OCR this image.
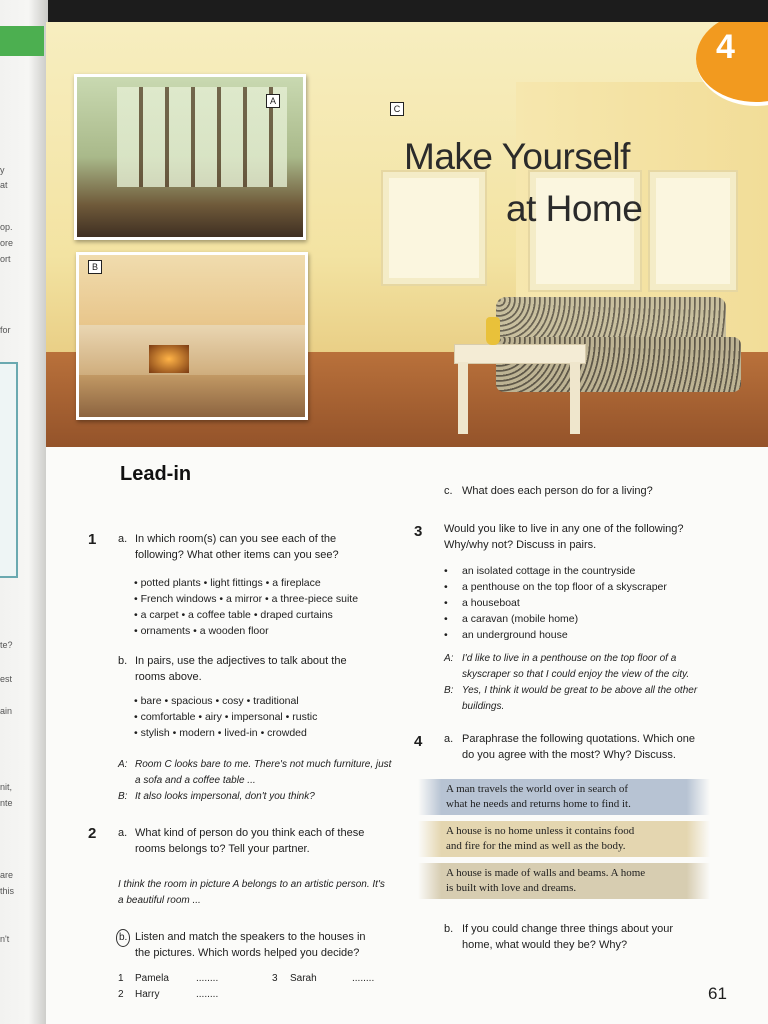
y
at
op.
ore
ort
for
te?
est
ain
nit,
nte
are
this
n't
A
B
C
Make Yourself
at Home
4
Lead-in
1 a. In which room(s) can you see each of the
following? What other items can you see?
• potted plants • light fittings • a fireplace
• French windows • a mirror • a three-piece suite
• a carpet • a coffee table • draped curtains
• ornaments • a wooden floor
b. In pairs, use the adjectives to talk about the
rooms above.
• bare • spacious • cosy • traditional
• comfortable • airy • impersonal • rustic
• stylish • modern • lived-in • crowded
A: Room C looks bare to me. There's not much furniture, just
a sofa and a coffee table ...
B: It also looks impersonal, don't you think?
2 a. What kind of person do you think each of these
rooms belongs to? Tell your partner.
I think the room in picture A belongs to an artistic person. It's
a beautiful room ...
b. Listen and match the speakers to the houses in
the pictures. Which words helped you decide?
1 Pamela	........
2 Harry	........
3 Sarah	........
c. What does each person do for a living?
3 Would you like to live in any one of the following?
Why/why not? Discuss in pairs.
• an isolated cottage in the countryside
• a penthouse on the top floor of a skyscraper
• a houseboat
• a caravan (mobile home)
• an underground house
A: I'd like to live in a penthouse on the top floor of a
skyscraper so that I could enjoy the view of the city.
B: Yes, I think it would be great to be above all the other
buildings.
4 a. Paraphrase the following quotations. Which one
do you agree with the most? Why? Discuss.
A man travels the world over in search of
what he needs and returns home to find it.
A house is no home unless it contains food
and fire for the mind as well as the body.
A house is made of walls and beams. A home
is built with love and dreams.
b. If you could change three things about your
home, what would they be? Why?
61
